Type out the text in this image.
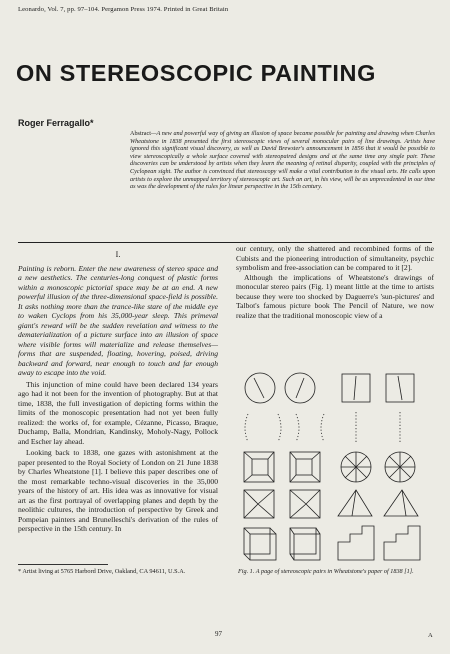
Leonardo, Vol. 7, pp. 97–104. Pergamon Press 1974. Printed in Great Britain
ON STEREOSCOPIC PAINTING
Roger Ferragallo*
Abstract—A new and powerful way of giving an illusion of space became possible for painting and drawing when Charles Wheatstone in 1838 presented the first stereoscopic views of several monocular pairs of line drawings. Artists have ignored this significant visual discovery, as well as David Brewster's announcement in 1856 that it would be possible to view stereoscopically a whole surface covered with stereopaired designs and at the same time any single pair. These discoveries can be understood by artists when they learn the meaning of retinal disparity, coupled with the principles of Cyclopean sight. The author is convinced that stereoscopy will make a vital contribution to the visual arts. He calls upon artists to explore the unmapped territory of stereoscopic art. Such an art, in his view, will be as unprecedented in our time as was the development of the rules for linear perspective in the 15th century.
I.

Painting is reborn. Enter the new awareness of stereo space and a new aesthetics. The centuries-long conquest of plastic forms within a monoscopic pictorial space may be at an end. A new powerful illusion of the three-dimensional space-field is possible. It asks nothing more than the trance-like stare of the middle eye to waken Cyclops from his 35,000-year sleep. This primeval giant's reward will be the sudden revelation and witness to the dematerialization of a picture surface into an illusion of space where visible forms will materialize and release themselves—forms that are suspended, floating, hovering, poised, driving backward and forward, near enough to touch and far enough away to escape into the void.

This injunction of mine could have been declared 134 years ago had it not been for the invention of photography. But at that time, 1838, the full investigation of depicting forms within the limits of the monoscopic presentation had not yet been fully realized: the works of, for example, Cézanne, Picasso, Braque, Duchamp, Balla, Mondrian, Kandinsky, Moholy-Nagy, Pollock and Escher lay ahead.

Looking back to 1838, one gazes with astonishment at the paper presented to the Royal Society of London on 21 June 1838 by Charles Wheatstone [1]. I believe this paper describes one of the most remarkable techno-visual discoveries in the 35,000 years of the history of art. His idea was as innovative for visual art as the first portrayal of overlapping planes and depth by the neolithic cultures, the introduction of perspective by Greek and Pompeian painters and Brunelleschi's derivation of the rules of perspective in the 15th century. In

our century, only the shattered and recombined forms of the Cubists and the pioneering introduction of simultaneity, psychic symbolism and free-association can be compared to it [2].

Although the implications of Wheatstone's drawings of monocular stereo pairs (Fig. 1) meant little at the time to artists because they were too shocked by Daguerre's 'sun-pictures' and Talbot's famous picture book The Pencil of Nature, we now realize that the traditional monoscopic view of a

Fig. 1. A page of stereoscopic pairs in Wheatstone's paper of 1838 [1].
* Artist living at 5765 Harbord Drive, Oakland, CA 94611, U.S.A.
97	A
